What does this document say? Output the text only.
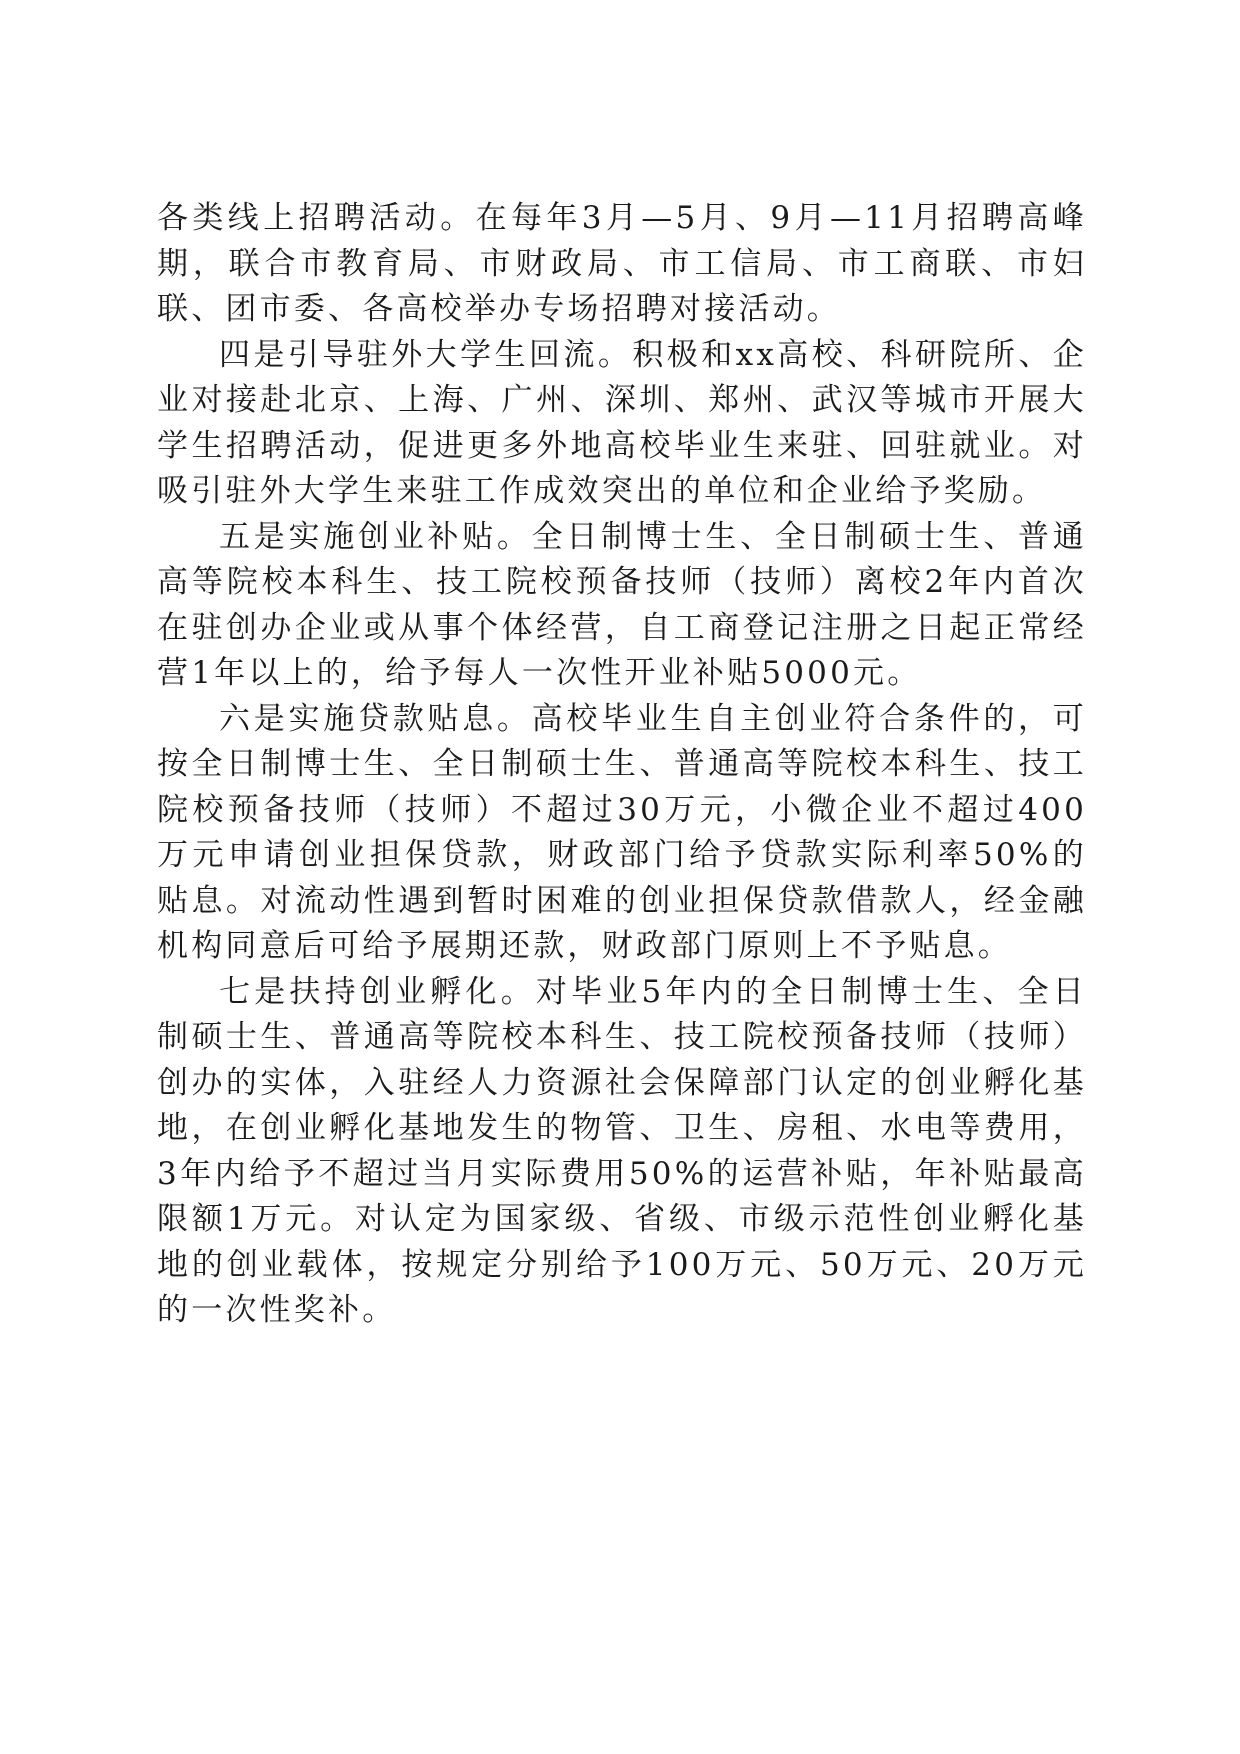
各类线上招聘活动。在每年3月—5月、9月—11月招聘高峰期，联合市教育局、市财政局、市工信局、市工商联、市妇联、团市委、各高校举办专场招聘对接活动。

四是引导驻外大学生回流。积极和xx高校、科研院所、企业对接赴北京、上海、广州、深圳、郑州、武汉等城市开展大学生招聘活动，促进更多外地高校毕业生来驻、回驻就业。对吸引驻外大学生来驻工作成效突出的单位和企业给予奖励。

五是实施创业补贴。全日制博士生、全日制硕士生、普通高等院校本科生、技工院校预备技师（技师）离校2年内首次在驻创办企业或从事个体经营，自工商登记注册之日起正常经营1年以上的，给予每人一次性开业补贴5000元。

六是实施贷款贴息。高校毕业生自主创业符合条件的，可按全日制博士生、全日制硕士生、普通高等院校本科生、技工院校预备技师（技师）不超过30万元，小微企业不超过400万元申请创业担保贷款，财政部门给予贷款实际利率50%的贴息。对流动性遇到暂时困难的创业担保贷款借款人，经金融机构同意后可给予展期还款，财政部门原则上不予贴息。

七是扶持创业孵化。对毕业5年内的全日制博士生、全日制硕士生、普通高等院校本科生、技工院校预备技师（技师）创办的实体，入驻经人力资源社会保障部门认定的创业孵化基地，在创业孵化基地发生的物管、卫生、房租、水电等费用，3年内给予不超过当月实际费用50%的运营补贴，年补贴最高限额1万元。对认定为国家级、省级、市级示范性创业孵化基地的创业载体，按规定分别给予100万元、50万元、20万元的一次性奖补。
